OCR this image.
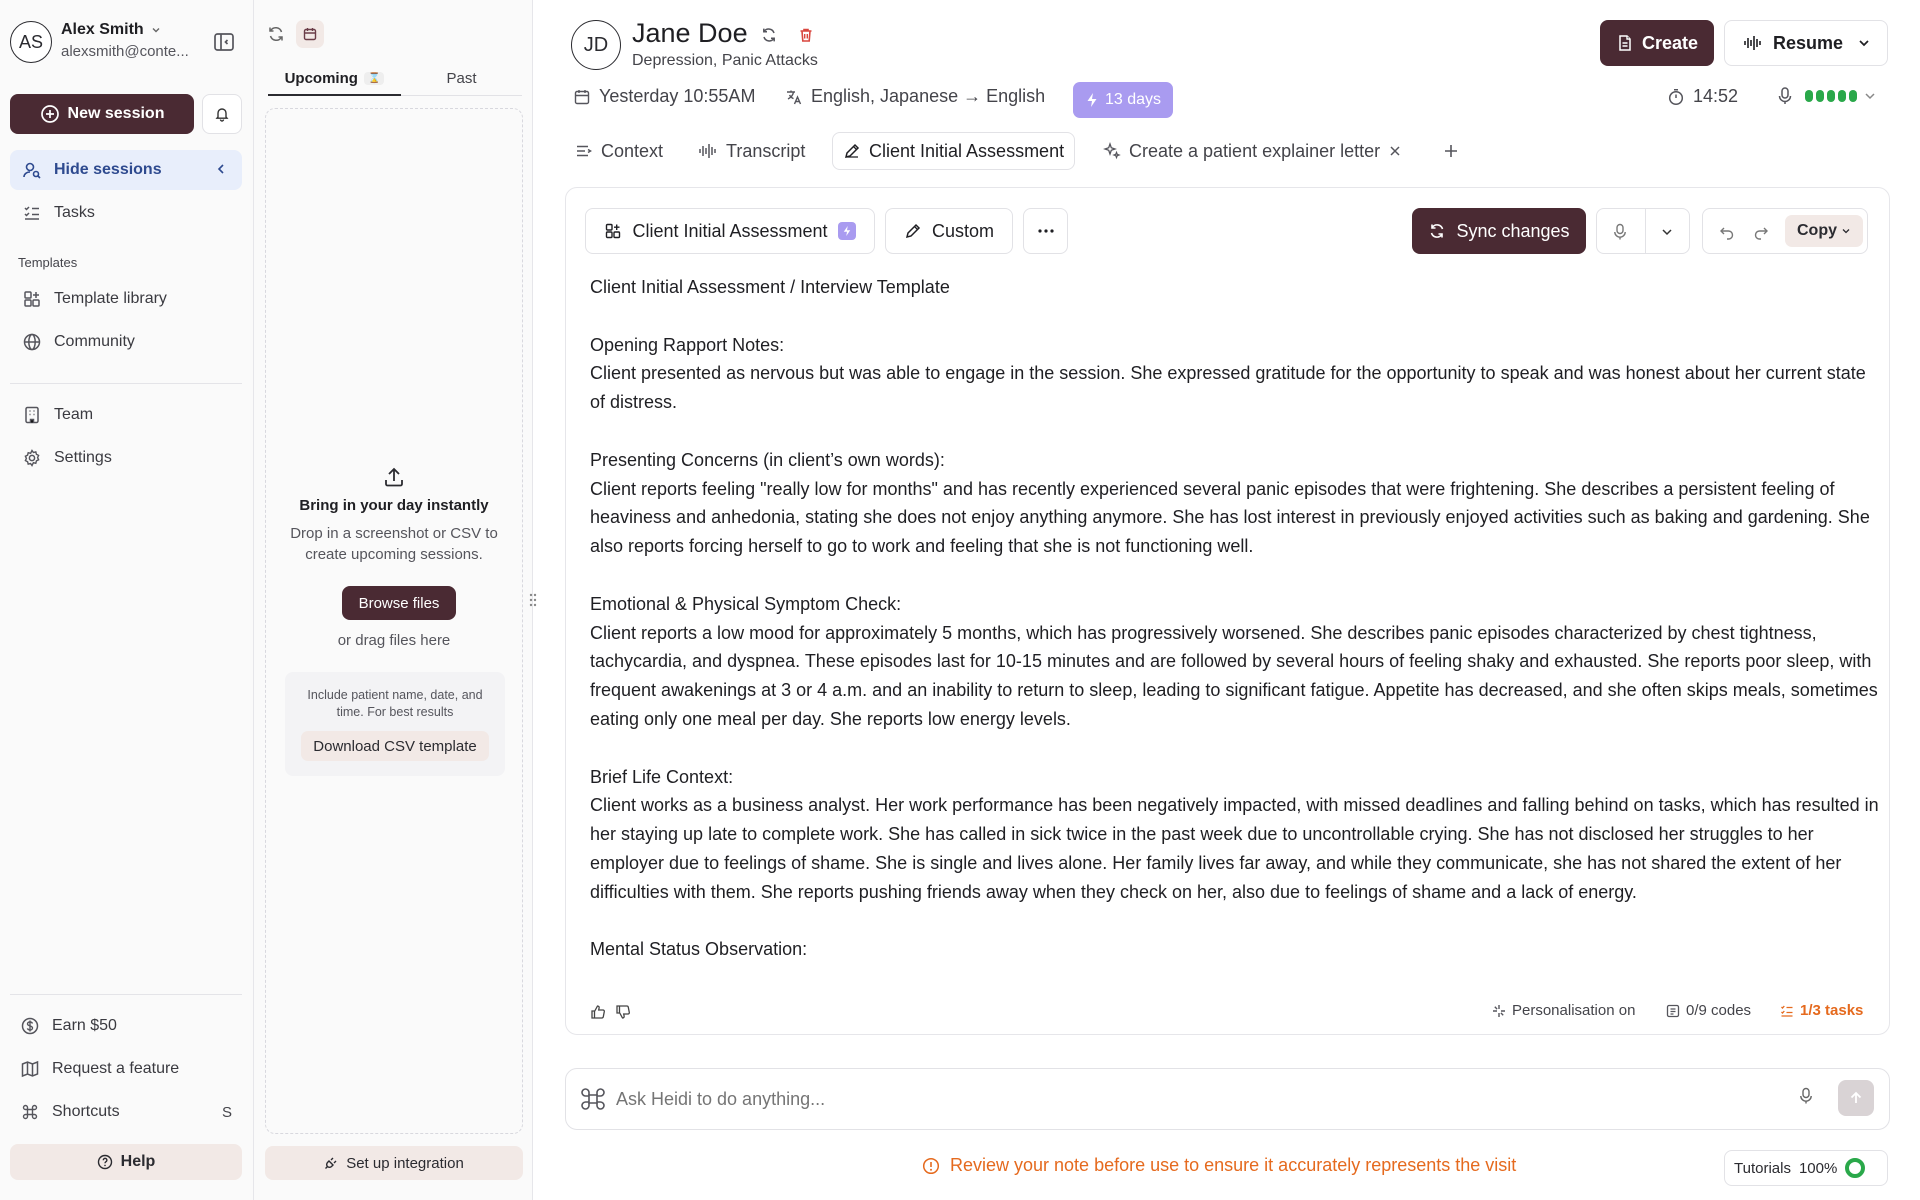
AS
Alex Smith
alexsmith@conte...
New session
Hide sessions
Tasks
Templates
Template library
Community
Team
Settings
Earn $50
Request a feature
Shortcuts	S
Help
Upcoming	⌛	Past
Bring in your day instantly
Drop in a screenshot or CSV to create upcoming sessions.
Browse files
or drag files here
Include patient name, date, and time. For best results
Download CSV template
Set up integration
JD Jane Doe
Depression, Panic Attacks
Create	Resume
Yesterday 10:55AM	English, Japanese → English	13 days	14:52
Context	Transcript	Client Initial Assessment	Create a patient explainer letter
Client Initial Assessment	Custom	Sync changes	Copy

Client Initial Assessment / Interview Template

Opening Rapport Notes:

Client presented as nervous but was able to engage in the session. She expressed gratitude for the opportunity to speak and was honest about her current state of distress.

Presenting Concerns (in client’s own words):

Client reports feeling "really low for months" and has recently experienced several panic episodes that were frightening. She describes a persistent feeling of heaviness and anhedonia, stating she does not enjoy anything anymore. She has lost interest in previously enjoyed activities such as baking and gardening. She also reports forcing herself to go to work and feeling that she is not functioning well.

Emotional & Physical Symptom Check:

Client reports a low mood for approximately 5 months, which has progressively worsened. She describes panic episodes characterized by chest tightness, tachycardia, and dyspnea. These episodes last for 10-15 minutes and are followed by several hours of feeling shaky and exhausted. She reports poor sleep, with frequent awakenings at 3 or 4 a.m. and an inability to return to sleep, leading to significant fatigue. Appetite has decreased, and she often skips meals, sometimes eating only one meal per day. She reports low energy levels.

Brief Life Context:

Client works as a business analyst. Her work performance has been negatively impacted, with missed deadlines and falling behind on tasks, which has resulted in her staying up late to complete work. She has called in sick twice in the past week due to uncontrollable crying. She has not disclosed her struggles to her employer due to feelings of shame. She is single and lives alone. Her family lives far away, and while they communicate, she has not shared the extent of her difficulties with them. She reports pushing friends away when they check on her, also due to feelings of shame and a lack of energy.

Mental Status Observation:

Personalisation on	0/9 codes	1/3 tasks
Ask Heidi to do anything...
Review your note before use to ensure it accurately represents the visit	Tutorials 100%
